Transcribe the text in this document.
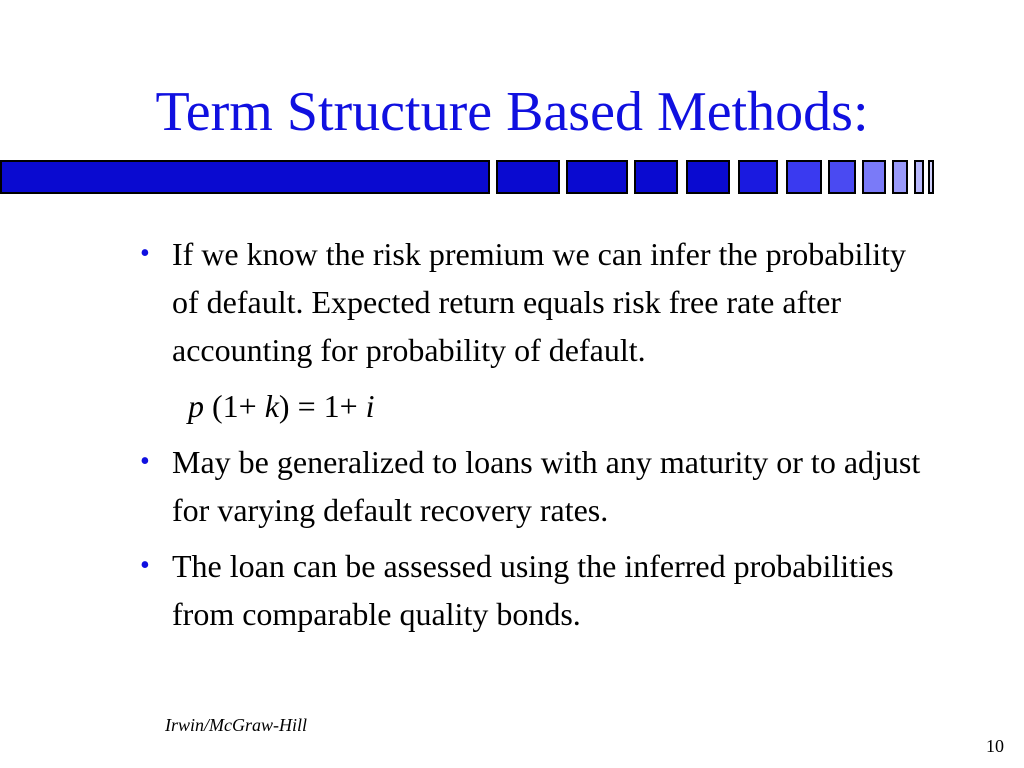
Term Structure Based Methods:
• If we know the risk premium we can infer the probability of default. Expected return equals risk free rate after accounting for probability of default.
p (1+ k) = 1+ i
• May be generalized to loans with any maturity or to adjust for varying default recovery rates.
• The loan can be assessed using the inferred probabilities from comparable quality bonds.
Irwin/McGraw-Hill
10
